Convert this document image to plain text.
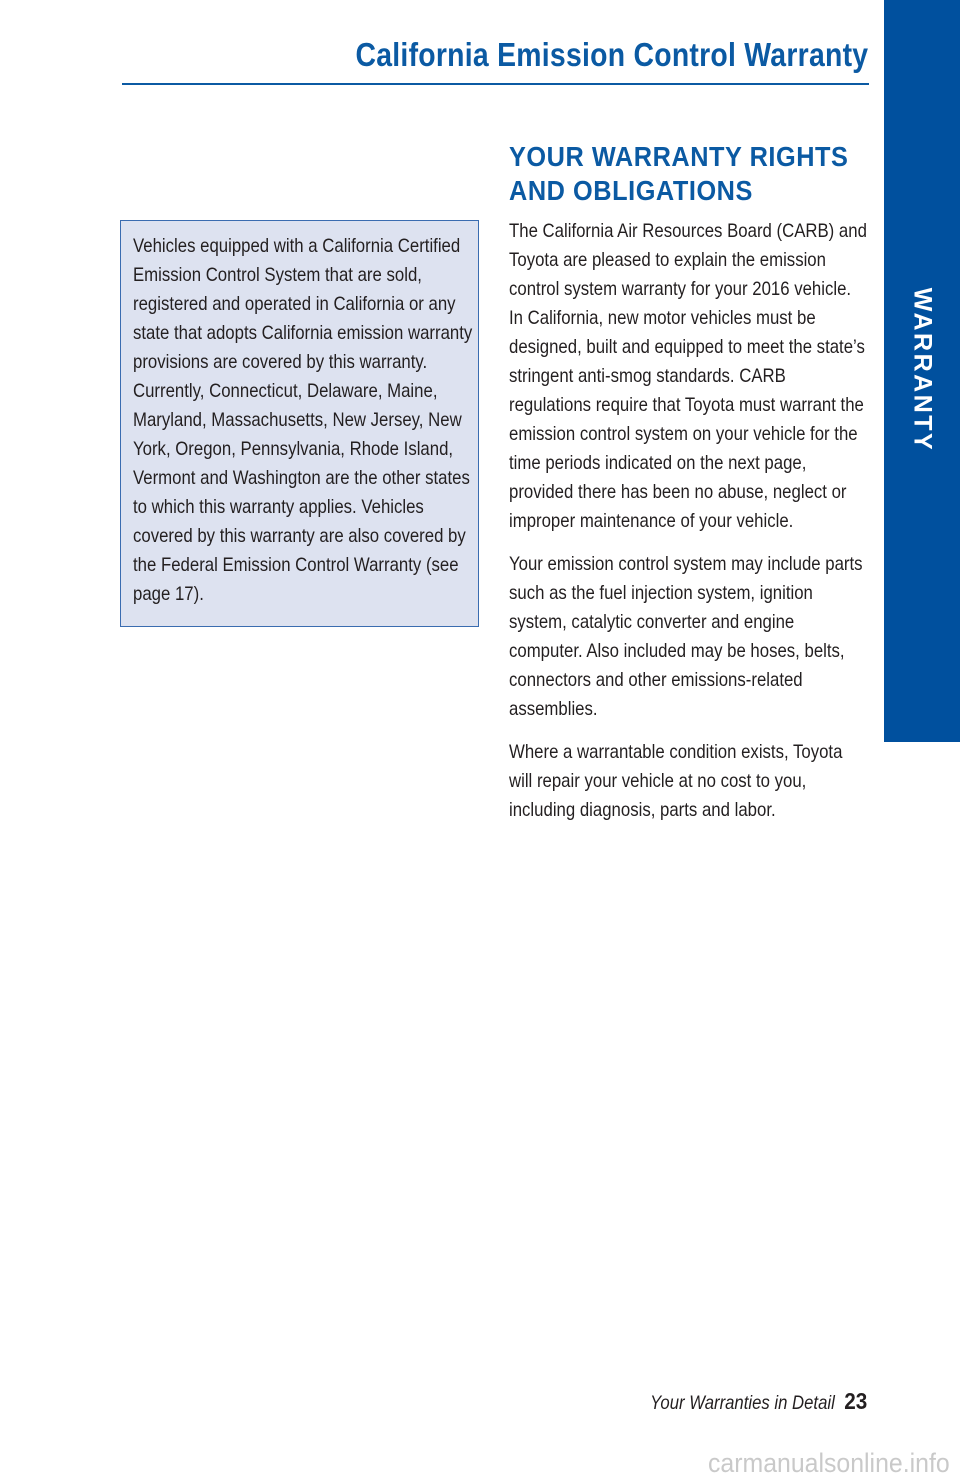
California Emission Control Warranty
WARRANTY

Vehicles equipped with a California Certified Emission Control System that are sold, registered and operated in California or any state that adopts California emission warranty provisions are covered by this warranty. Currently, Connecticut, Delaware, Maine, Maryland, Massachusetts, New Jersey, New York, Oregon, Pennsylvania, Rhode Island, Vermont and Washington are the other states to which this warranty applies. Vehicles covered by this warranty are also covered by the Federal Emission Control Warranty (see page 17).

YOUR WARRANTY RIGHTS AND OBLIGATIONS

The California Air Resources Board (CARB) and Toyota are pleased to explain the emission control system warranty for your 2016 vehicle. In California, new motor vehicles must be designed, built and equipped to meet the state’s stringent anti-smog standards. CARB regulations require that Toyota must warrant the emission control system on your vehicle for the time periods indicated on the next page, provided there has been no abuse, neglect or improper maintenance of your vehicle.

Your emission control system may include parts such as the fuel injection system, ignition system, catalytic converter and engine computer. Also included may be hoses, belts, connectors and other emissions-related assemblies.

Where a warrantable condition exists, Toyota will repair your vehicle at no cost to you, including diagnosis, parts and labor.

Your Warranties in Detail 23
carmanualsonline.info
